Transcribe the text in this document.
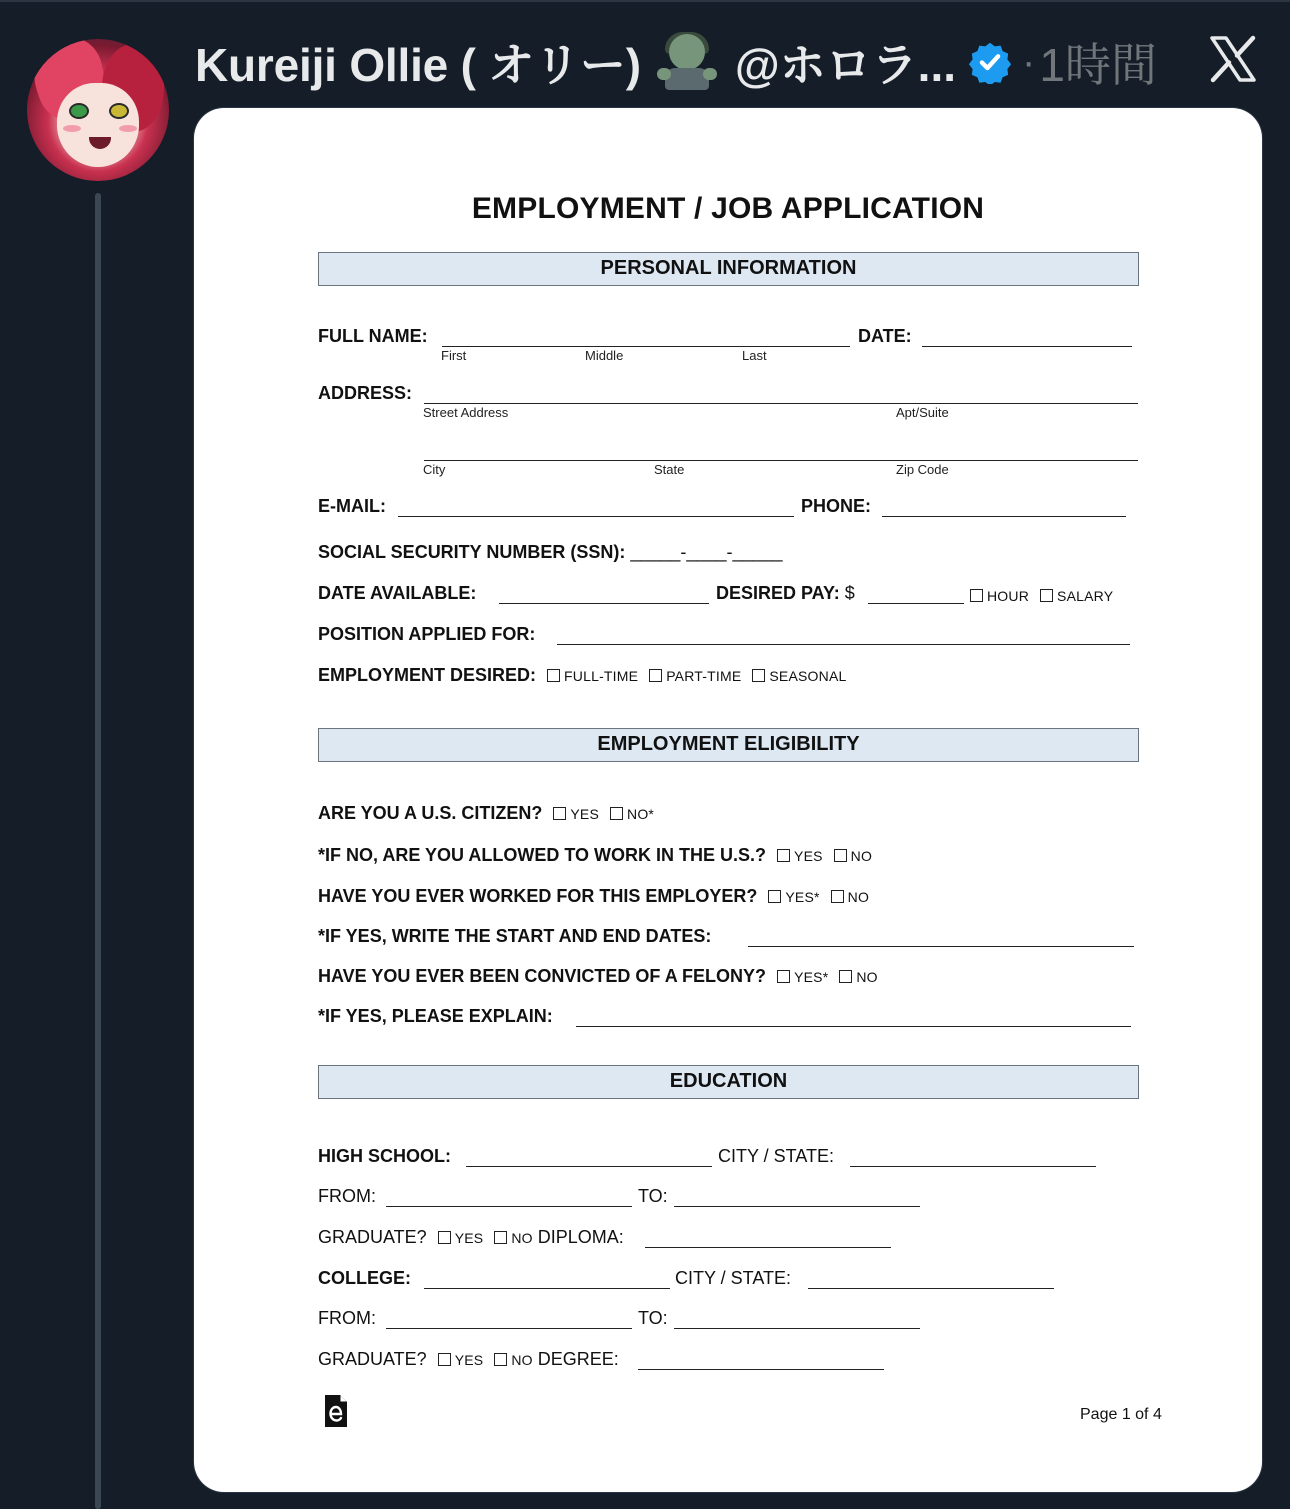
Kureiji Ollie ( オリー) @ホロラ... · 1時間
EMPLOYMENT / JOB APPLICATION
PERSONAL INFORMATION
FULL NAME:	DATE:
First	Middle	Last
ADDRESS:
Street Address	Apt/Suite
City	State	Zip Code
E-MAIL:	PHONE:
SOCIAL SECURITY NUMBER (SSN): _____-____-_____
DATE AVAILABLE:	DESIRED PAY: $	HOUR SALARY
POSITION APPLIED FOR:
EMPLOYMENT DESIRED: FULL-TIME PART-TIME SEASONAL
EMPLOYMENT ELIGIBILITY
ARE YOU A U.S. CITIZEN? YES NO*
*IF NO, ARE YOU ALLOWED TO WORK IN THE U.S.? YES NO
HAVE YOU EVER WORKED FOR THIS EMPLOYER? YES* NO
*IF YES, WRITE THE START AND END DATES:
HAVE YOU EVER BEEN CONVICTED OF A FELONY? YES* NO
*IF YES, PLEASE EXPLAIN:
EDUCATION
HIGH SCHOOL:	CITY / STATE:
FROM:	TO:
GRADUATE? YES NO DIPLOMA:
COLLEGE:	CITY / STATE:
FROM:	TO:
GRADUATE? YES NO DEGREE:
Page 1 of 4
